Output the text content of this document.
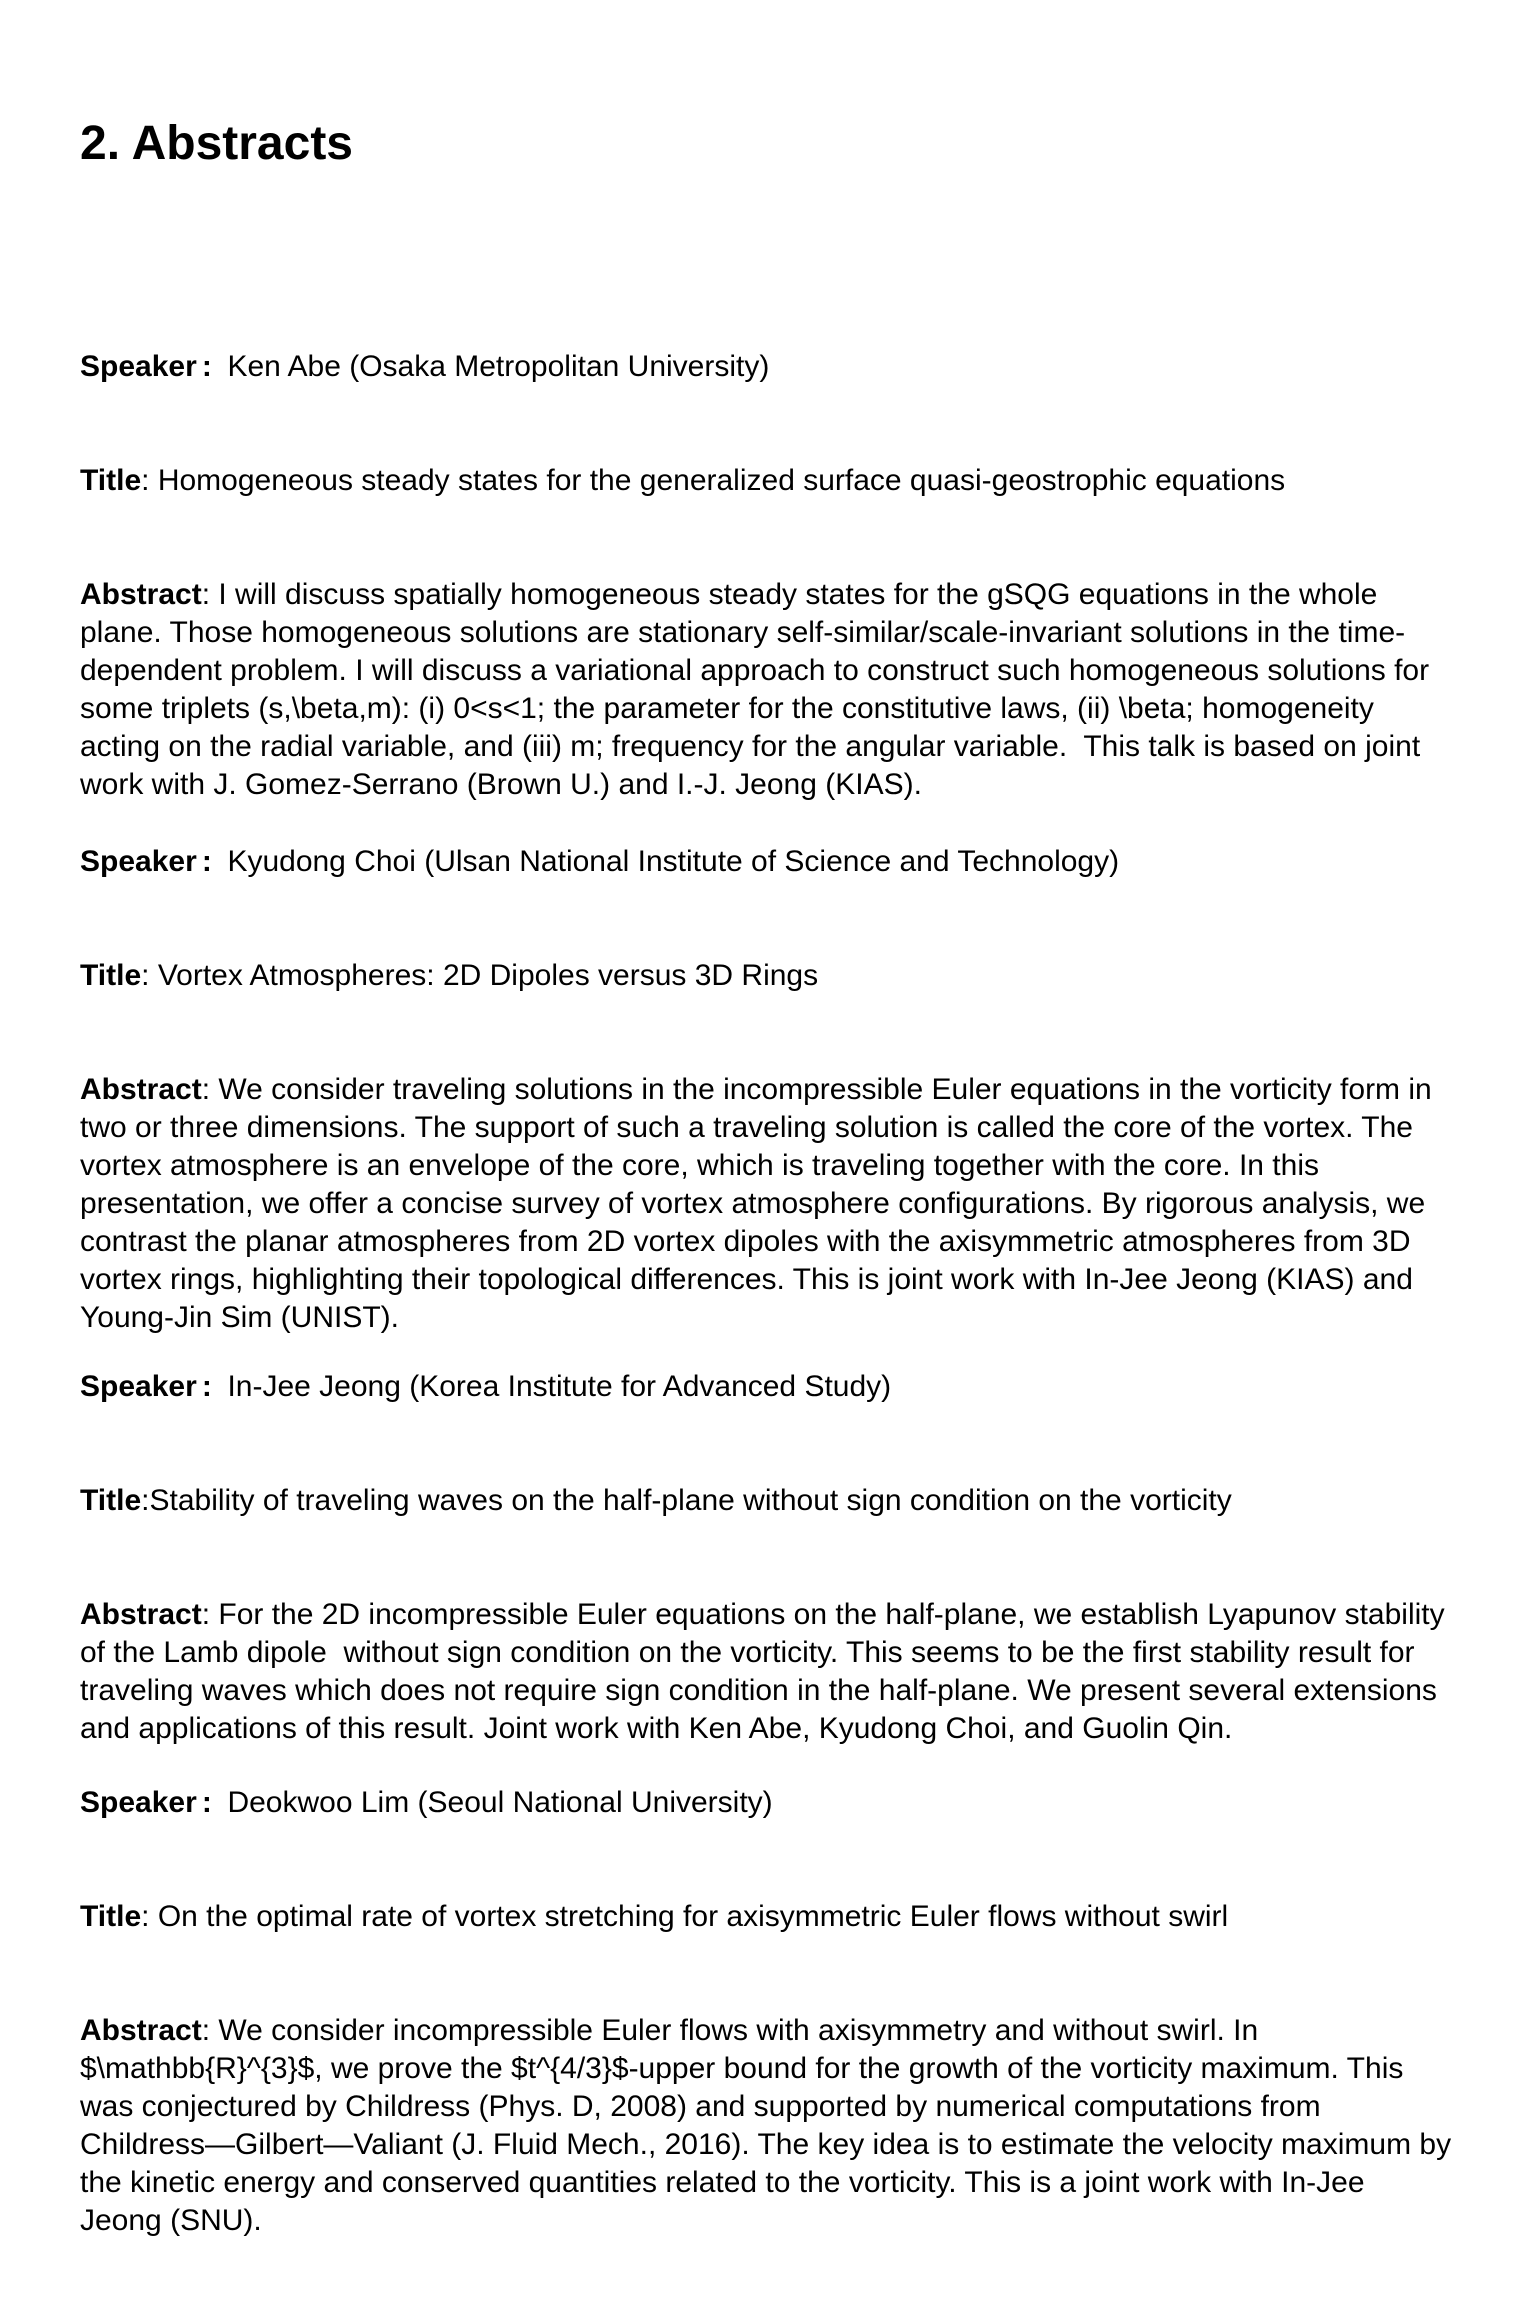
2. Abstracts

Speaker : Ken Abe (Osaka Metropolitan University)

Title: Homogeneous steady states for the generalized surface quasi-geostrophic equations

Abstract: I will discuss spatially homogeneous steady states for the gSQG equations in the whole plane. Those homogeneous solutions are stationary self-similar/scale-invariant solutions in the time-dependent problem. I will discuss a variational approach to construct such homogeneous solutions for some triplets (s,\beta,m): (i) 0<s<1; the parameter for the constitutive laws, (ii) \beta; homogeneity acting on the radial variable, and (iii) m; frequency for the angular variable.  This talk is based on joint work with J. Gomez-Serrano (Brown U.) and I.-J. Jeong (KIAS).

Speaker : Kyudong Choi (Ulsan National Institute of Science and Technology)

Title: Vortex Atmospheres: 2D Dipoles versus 3D Rings

Abstract: We consider traveling solutions in the incompressible Euler equations in the vorticity form in two or three dimensions. The support of such a traveling solution is called the core of the vortex. The vortex atmosphere is an envelope of the core, which is traveling together with the core. In this presentation, we offer a concise survey of vortex atmosphere configurations. By rigorous analysis, we contrast the planar atmospheres from 2D vortex dipoles with the axisymmetric atmospheres from 3D vortex rings, highlighting their topological differences. This is joint work with In-Jee Jeong (KIAS) and Young-Jin Sim (UNIST).

Speaker : In-Jee Jeong (Korea Institute for Advanced Study)

Title:Stability of traveling waves on the half-plane without sign condition on the vorticity

Abstract: For the 2D incompressible Euler equations on the half-plane, we establish Lyapunov stability of the Lamb dipole  without sign condition on the vorticity. This seems to be the first stability result for traveling waves which does not require sign condition in the half-plane. We present several extensions and applications of this result. Joint work with Ken Abe, Kyudong Choi, and Guolin Qin.

Speaker : Deokwoo Lim (Seoul National University)

Title: On the optimal rate of vortex stretching for axisymmetric Euler flows without swirl

Abstract: We consider incompressible Euler flows with axisymmetry and without swirl. In $\mathbb{R}^{3}$, we prove the $t^{4/3}$-upper bound for the growth of the vorticity maximum. This was conjectured by Childress (Phys. D, 2008) and supported by numerical computations from Childress—Gilbert—Valiant (J. Fluid Mech., 2016). The key idea is to estimate the velocity maximum by the kinetic energy and conserved quantities related to the vorticity. This is a joint work with In-Jee Jeong (SNU).
